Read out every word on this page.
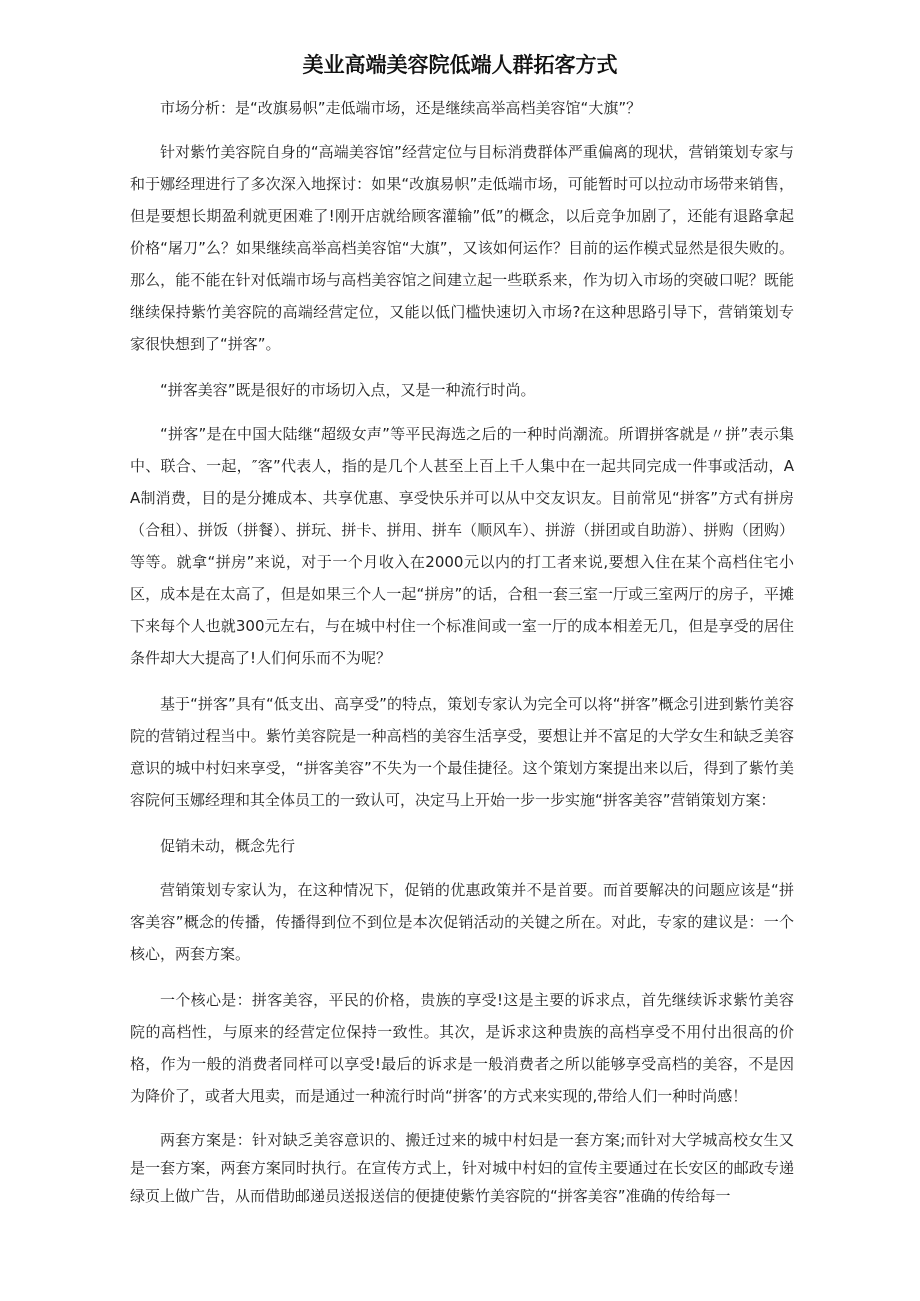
美业高端美容院低端人群拓客方式

市场分析：是“改旗易帜”走低端市场，还是继续高举高档美容馆“大旗”？

针对紫竹美容院自身的“高端美容馆”经营定位与目标消费群体严重偏离的现状，营销策划专家与和于娜经理进行了多次深入地探讨：如果“改旗易帜”走低端市场，可能暂时可以拉动市场带来销售，但是要想长期盈利就更困难了!刚开店就给顾客灌输”低”的概念，以后竞争加剧了，还能有退路拿起价格“屠刀”么？如果继续高举高档美容馆“大旗”，又该如何运作？目前的运作模式显然是很失败的。那么，能不能在针对低端市场与高档美容馆之间建立起一些联系来，作为切入市场的突破口呢？既能继续保持紫竹美容院的高端经营定位，又能以低门槛快速切入市场?在这种思路引导下，营销策划专家很快想到了“拼客”。

“拼客美容”既是很好的市场切入点，又是一种流行时尚。

“拼客”是在中国大陆继“超级女声”等平民海选之后的一种时尚潮流。所谓拼客就是〃拼”表示集中、联合、一起，″客”代表人，指的是几个人甚至上百上千人集中在一起共同完成一件事或活动，AA制消费，目的是分摊成本、共享优惠、享受快乐并可以从中交友识友。目前常见“拼客”方式有拼房（合租）、拼饭（拼餐）、拼玩、拼卡、拼用、拼车（顺风车）、拼游（拼团或自助游）、拼购（团购）等等。就拿“拼房”来说，对于一个月收入在2000元以内的打工者来说,要想入住在某个高档住宅小区，成本是在太高了，但是如果三个人一起“拼房”的话，合租一套三室一厅或三室两厅的房子，平摊下来每个人也就300元左右，与在城中村住一个标准间或一室一厅的成本相差无几，但是享受的居住条件却大大提高了!人们何乐而不为呢？

基于“拼客”具有“低支出、高享受”的特点，策划专家认为完全可以将“拼客”概念引进到紫竹美容院的营销过程当中。紫竹美容院是一种高档的美容生活享受，要想让并不富足的大学女生和缺乏美容意识的城中村妇来享受，“拼客美容”不失为一个最佳捷径。这个策划方案提出来以后，得到了紫竹美容院何玉娜经理和其全体员工的一致认可，决定马上开始一步一步实施“拼客美容”营销策划方案：

促销未动，概念先行

营销策划专家认为，在这种情况下，促销的优惠政策并不是首要。而首要解决的问题应该是“拼客美容”概念的传播，传播得到位不到位是本次促销活动的关键之所在。对此，专家的建议是：一个核心，两套方案。

一个核心是：拼客美容，平民的价格，贵族的享受!这是主要的诉求点，首先继续诉求紫竹美容院的高档性，与原来的经营定位保持一致性。其次，是诉求这种贵族的高档享受不用付出很高的价格，作为一般的消费者同样可以享受!最后的诉求是一般消费者之所以能够享受高档的美容，不是因为降价了，或者大甩卖，而是通过一种流行时尚“拼客’的方式来实现的,带给人们一种时尚感！

两套方案是：针对缺乏美容意识的、搬迁过来的城中村妇是一套方案;而针对大学城高校女生又是一套方案，两套方案同时执行。在宣传方式上，针对城中村妇的宣传主要通过在长安区的邮政专递绿页上做广告，从而借助邮递员送报送信的便捷使紫竹美容院的“拼客美容”准确的传给每一
